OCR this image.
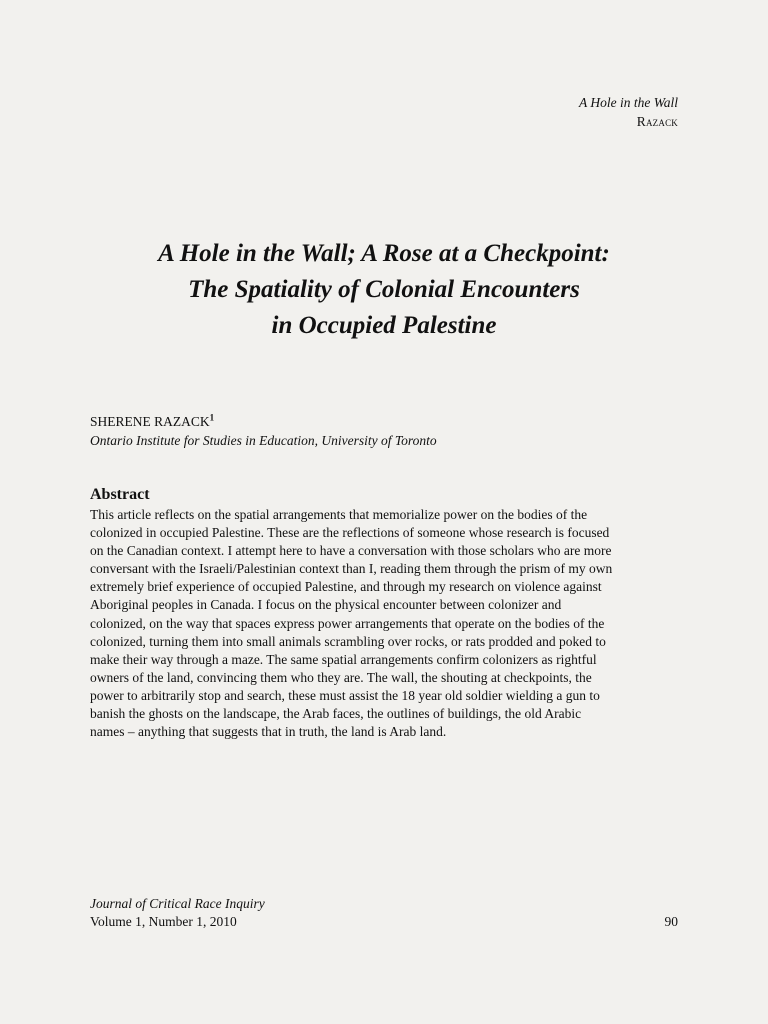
A Hole in the Wall
Razack
A Hole in the Wall; A Rose at a Checkpoint:
The Spatiality of Colonial Encounters
in Occupied Palestine
SHERENE RAZACK$^1$
Ontario Institute for Studies in Education, University of Toronto
Abstract
This article reflects on the spatial arrangements that memorialize power on the bodies of the
colonized in occupied Palestine. These are the reflections of someone whose research is focused
on the Canadian context. I attempt here to have a conversation with those scholars who are more
conversant with the Israeli/Palestinian context than I, reading them through the prism of my own
extremely brief experience of occupied Palestine, and through my research on violence against
Aboriginal peoples in Canada. I focus on the physical encounter between colonizer and
colonized, on the way that spaces express power arrangements that operate on the bodies of the
colonized, turning them into small animals scrambling over rocks, or rats prodded and poked to
make their way through a maze. The same spatial arrangements confirm colonizers as rightful
owners of the land, convincing them who they are. The wall, the shouting at checkpoints, the
power to arbitrarily stop and search, these must assist the 18 year old soldier wielding a gun to
banish the ghosts on the landscape, the Arab faces, the outlines of buildings, the old Arabic
names – anything that suggests that in truth, the land is Arab land.
Journal of Critical Race Inquiry
Volume 1, Number 1, 2010	90
